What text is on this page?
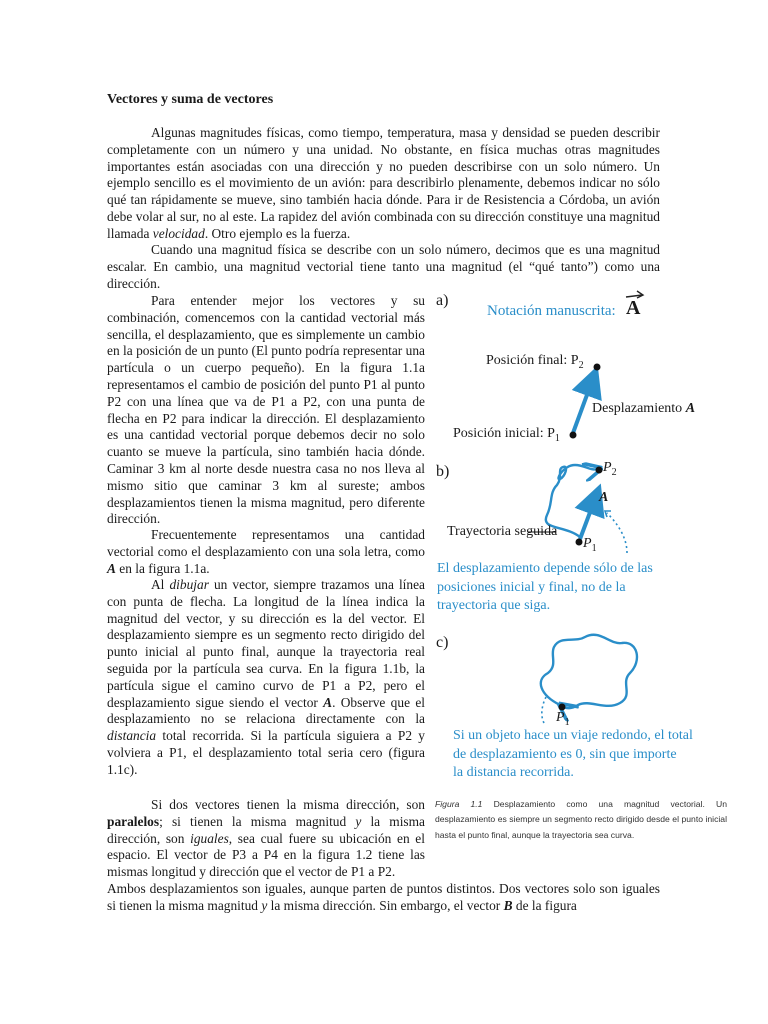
Vectores y suma de vectores
Algunas magnitudes físicas, como tiempo, temperatura, masa y densidad se pueden describir completamente con un número y una unidad. No obstante, en física muchas otras magnitudes importantes están asociadas con una dirección y no pueden describirse con un solo número. Un ejemplo sencillo es el movimiento de un avión: para describirlo plenamente, debemos indicar no sólo qué tan rápidamente se mueve, sino también hacia dónde. Para ir de Resistencia a Córdoba, un avión debe volar al sur, no al este. La rapidez del avión combinada con su dirección constituye una magnitud llamada velocidad. Otro ejemplo es la fuerza.
Cuando una magnitud física se describe con un solo número, decimos que es una magnitud escalar. En cambio, una magnitud vectorial tiene tanto una magnitud (el “qué tanto”) como una dirección.
Para entender mejor los vectores y su combinación, comencemos con la cantidad vectorial más sencilla, el desplazamiento, que es simplemente un cambio en la posición de un punto (El punto podría representar una partícula o un cuerpo pequeño). En la figura 1.1a representamos el cambio de posición del punto P1 al punto P2 con una línea que va de P1 a P2, con una punta de flecha en P2 para indicar la dirección. El desplazamiento es una cantidad vectorial porque debemos decir no solo cuanto se mueve la partícula, sino también hacia dónde. Caminar 3 km al norte desde nuestra casa no nos lleva al mismo sitio que caminar 3 km al sureste; ambos desplazamientos tienen la misma magnitud, pero diferente dirección.
Frecuentemente representamos una cantidad vectorial como el desplazamiento con una sola letra, como A en la figura 1.1a.
Al dibujar un vector, siempre trazamos una línea con punta de flecha. La longitud de la línea indica la magnitud del vector, y su dirección es la del vector. El desplazamiento siempre es un segmento recto dirigido del punto inicial al punto final, aunque la trayectoria real seguida por la partícula sea curva. En la figura 1.1b, la partícula sigue el camino curvo de P1 a P2, pero el desplazamiento sigue siendo el vector A. Observe que el desplazamiento no se relaciona directamente con la distancia total recorrida. Si la partícula siguiera a P2 y volviera a P1, el desplazamiento total seria cero (figura 1.1c).
Si dos vectores tienen la misma dirección, son paralelos; si tienen la misma magnitud y la misma dirección, son iguales, sea cual fuere su ubicación en el espacio. El vector de P3 a P4 en la figura 1.2 tiene las mismas longitud y dirección que el vector de P1 a P2.
Ambos desplazamientos son iguales, aunque parten de puntos distintos. Dos vectores solo son iguales si tienen la misma magnitud y la misma dirección. Sin embargo, el vector B de la figura
a)
Notación manuscrita: A
Posición final: $P_2$
Posición inicial: $P_1$
Desplazamiento A
b)	$P_2$
A
$P_1$
Trayectoria seguida
El desplazamiento depende sólo de las
posiciones inicial y final, no de la
trayectoria que siga.
c)
$P_1$
Si un objeto hace un viaje redondo, el total
de desplazamiento es 0, sin que importe
la distancia recorrida.
Figura 1.1 Desplazamiento como una magnitud vectorial. Un desplazamiento es siempre un segmento recto dirigido desde el punto inicial hasta el punto final, aunque la trayectoria sea curva.
